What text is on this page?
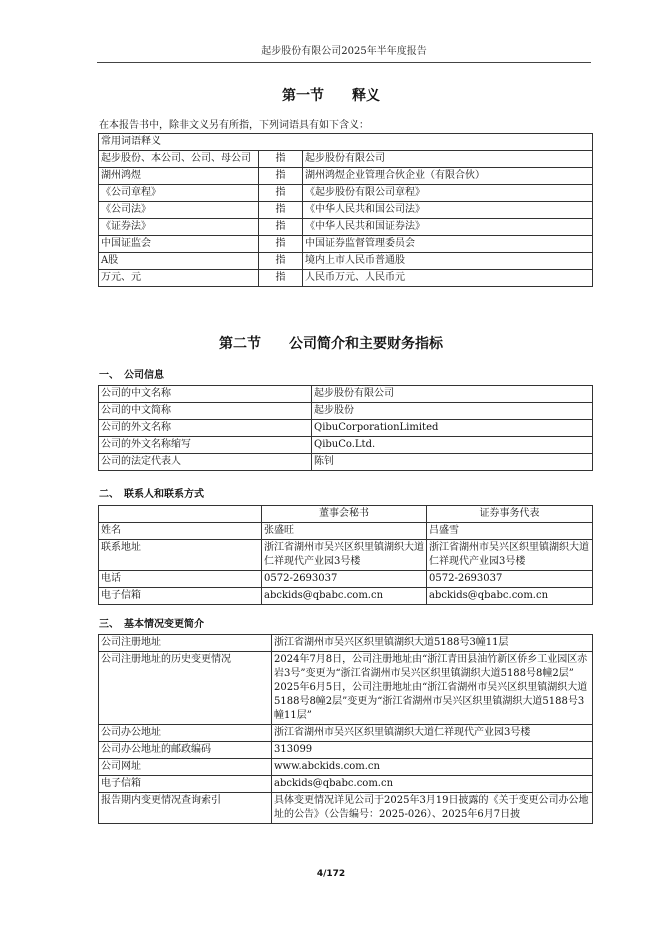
起步股份有限公司2025年半年度报告
第一节　　释义
在本报告书中，除非文义另有所指，下列词语具有如下含义：
常用词语释义		
起步股份、本公司、公司、母公司	指	起步股份有限公司
湖州鸿煜	指	湖州鸿煜企业管理合伙企业（有限合伙）
《公司章程》	指	《起步股份有限公司章程》
《公司法》	指	《中华人民共和国公司法》
《证券法》	指	《中华人民共和国证券法》
中国证监会	指	中国证券监督管理委员会
A股	指	境内上市人民币普通股
万元、元	指	人民币万元、人民币元
第二节　　公司简介和主要财务指标
一、　公司信息
公司的中文名称	起步股份有限公司
公司的中文简称	起步股份
公司的外文名称	QibuCorporationLimited
公司的外文名称缩写	QibuCo.Ltd.
公司的法定代表人	陈钊
二、　联系人和联系方式
	董事会秘书	证券事务代表
姓名	张盛旺	吕盛雪
联系地址	浙江省湖州市吴兴区织里镇湖织大道仁祥现代产业园3号楼	浙江省湖州市吴兴区织里镇湖织大道仁祥现代产业园3号楼
电话	0572-2693037	0572-2693037
电子信箱	abckids@qbabc.com.cn	abckids@qbabc.com.cn
三、　基本情况变更简介
公司注册地址	浙江省湖州市吴兴区织里镇湖织大道5188号3幢11层
公司注册地址的历史变更情况	2024年7月8日，公司注册地址由“浙江青田县油竹新区侨乡工业园区赤岩3号”变更为“浙江省湖州市吴兴区织里镇湖织大道5188号8幢2层”
2025年6月5日，公司注册地址由“浙江省湖州市吴兴区织里镇湖织大道5188号8幢2层”变更为“浙江省湖州市吴兴区织里镇湖织大道5188号3幢11层”

公司办公地址	浙江省湖州市吴兴区织里镇湖织大道仁祥现代产业园3号楼
公司办公地址的邮政编码	313099
公司网址	www.abckids.com.cn
电子信箱	abckids@qbabc.com.cn
报告期内变更情况查询索引	具体变更情况详见公司于2025年3月19日披露的《关于变更公司办公地址的公告》（公告编号：2025-026）、2025年6月7日披
4/172
